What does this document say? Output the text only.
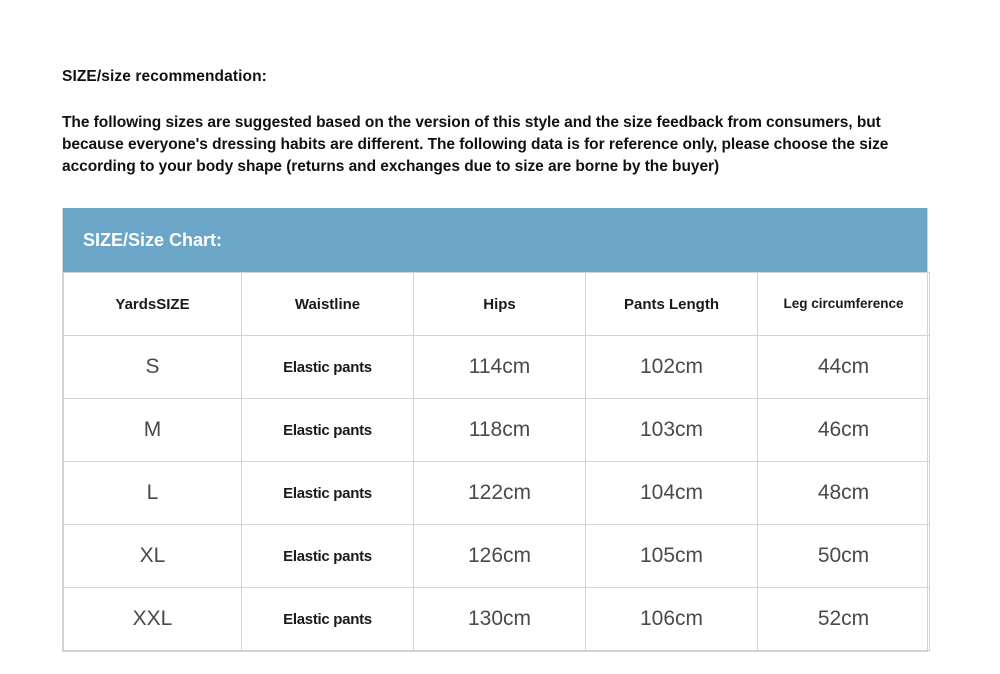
SIZE/size recommendation:
The following sizes are suggested based on the version of this style and the size feedback from consumers, but because everyone's dressing habits are different. The following data is for reference only, please choose the size according to your body shape (returns and exchanges due to size are borne by the buyer)
SIZE/Size Chart:
YardsSIZE	Waistline	Hips	Pants Length	Leg circumference
S	Elastic pants	114cm	102cm	44cm
M	Elastic pants	118cm	103cm	46cm
L	Elastic pants	122cm	104cm	48cm
XL	Elastic pants	126cm	105cm	50cm
XXL	Elastic pants	130cm	106cm	52cm
